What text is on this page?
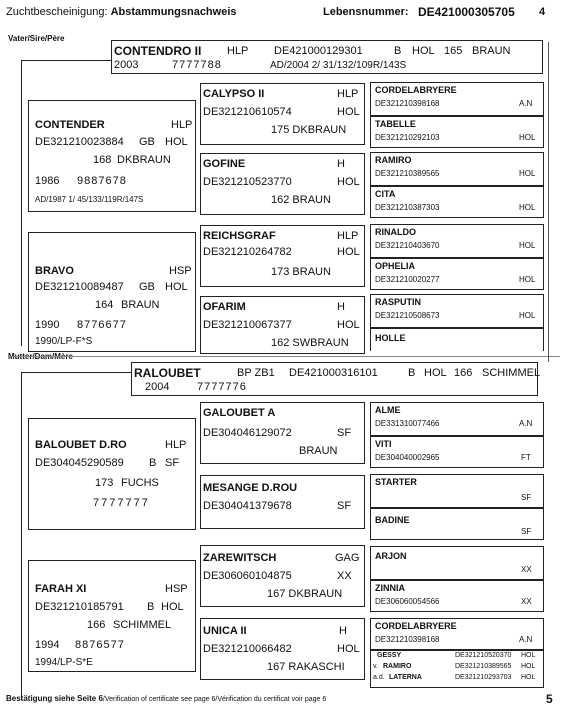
Zuchtbescheinigung: Abstammungsnachweis	Lebensnummer: DE421000305705 4
Vater/Sire/Père
CONTENDRO II HLP DE421000129301	B HOL 165 BRAUN
2003	7777788	AD/2004 2/ 31/132/109R/143S
RALOUBET	BP ZB1 DE421000316101	B HOL 166 SCHIMMEL
2004	7777776
CONTENDER	HLP
DE321210023884 GB HOL
168 DKBRAUN
1986 9887678
AD/1987 1/ 45/133/119R/147S
BRAVO	HSP
DE321210089487 GB HOL
164 BRAUN
1990 8776677
1990/LP-F*S
BALOUBET D.RO	HLP
DE304045290589 B SF
173 FUCHS
7777777
FARAH XI	HSP
DE321210185791 B HOL
166 SCHIMMEL
1994 8876577
1994/LP-S*E
CALYPSO II	HLP
DE321210610574	HOL
175 DKBRAUN
GOFINE	H
DE321210523770	HOL
162 BRAUN
REICHSGRAF	HLP
DE321210264782	HOL
173 BRAUN
OFARIM	H
DE321210067377	HOL
162 SWBRAUN
GALOUBET A
DE304046129072	SF
BRAUN
MESANGE D.ROU
DE304041379678	SF
ZAREWITSCH	GAG
DE306060104875	XX
167 DKBRAUN
UNICA II	H
DE321210066482	HOL
167 RAKASCHI
CORDELABRYERE
DE321210398168	A.N
TABELLE
DE321210292103	HOL
RAMIRO
DE321210389565	HOL
CITA
DE321210387303	HOL
RINALDO
DE321210403670	HOL
OPHELIA
DE321210020277	HOL
RASPUTIN
DE321210508673	HOL
HOLLE
ALME
DE331310077466	A.N
VITI
DE304040002965	FT
STARTER
SF
BADINE
SF
ARJON
XX
ZINNIA
DE306060054566	XX
CORDELABRYERE
DE321210398168	A.N
GESSY	DE321210520370 HOL
v. RAMIRO	DE321210389565 HOL
a.d. LATERNA	DE321210293703 HOL
Bestätigung siehe Seite 6/Verification of certificate see page 6/Vérification du certificat voir page 6	5
